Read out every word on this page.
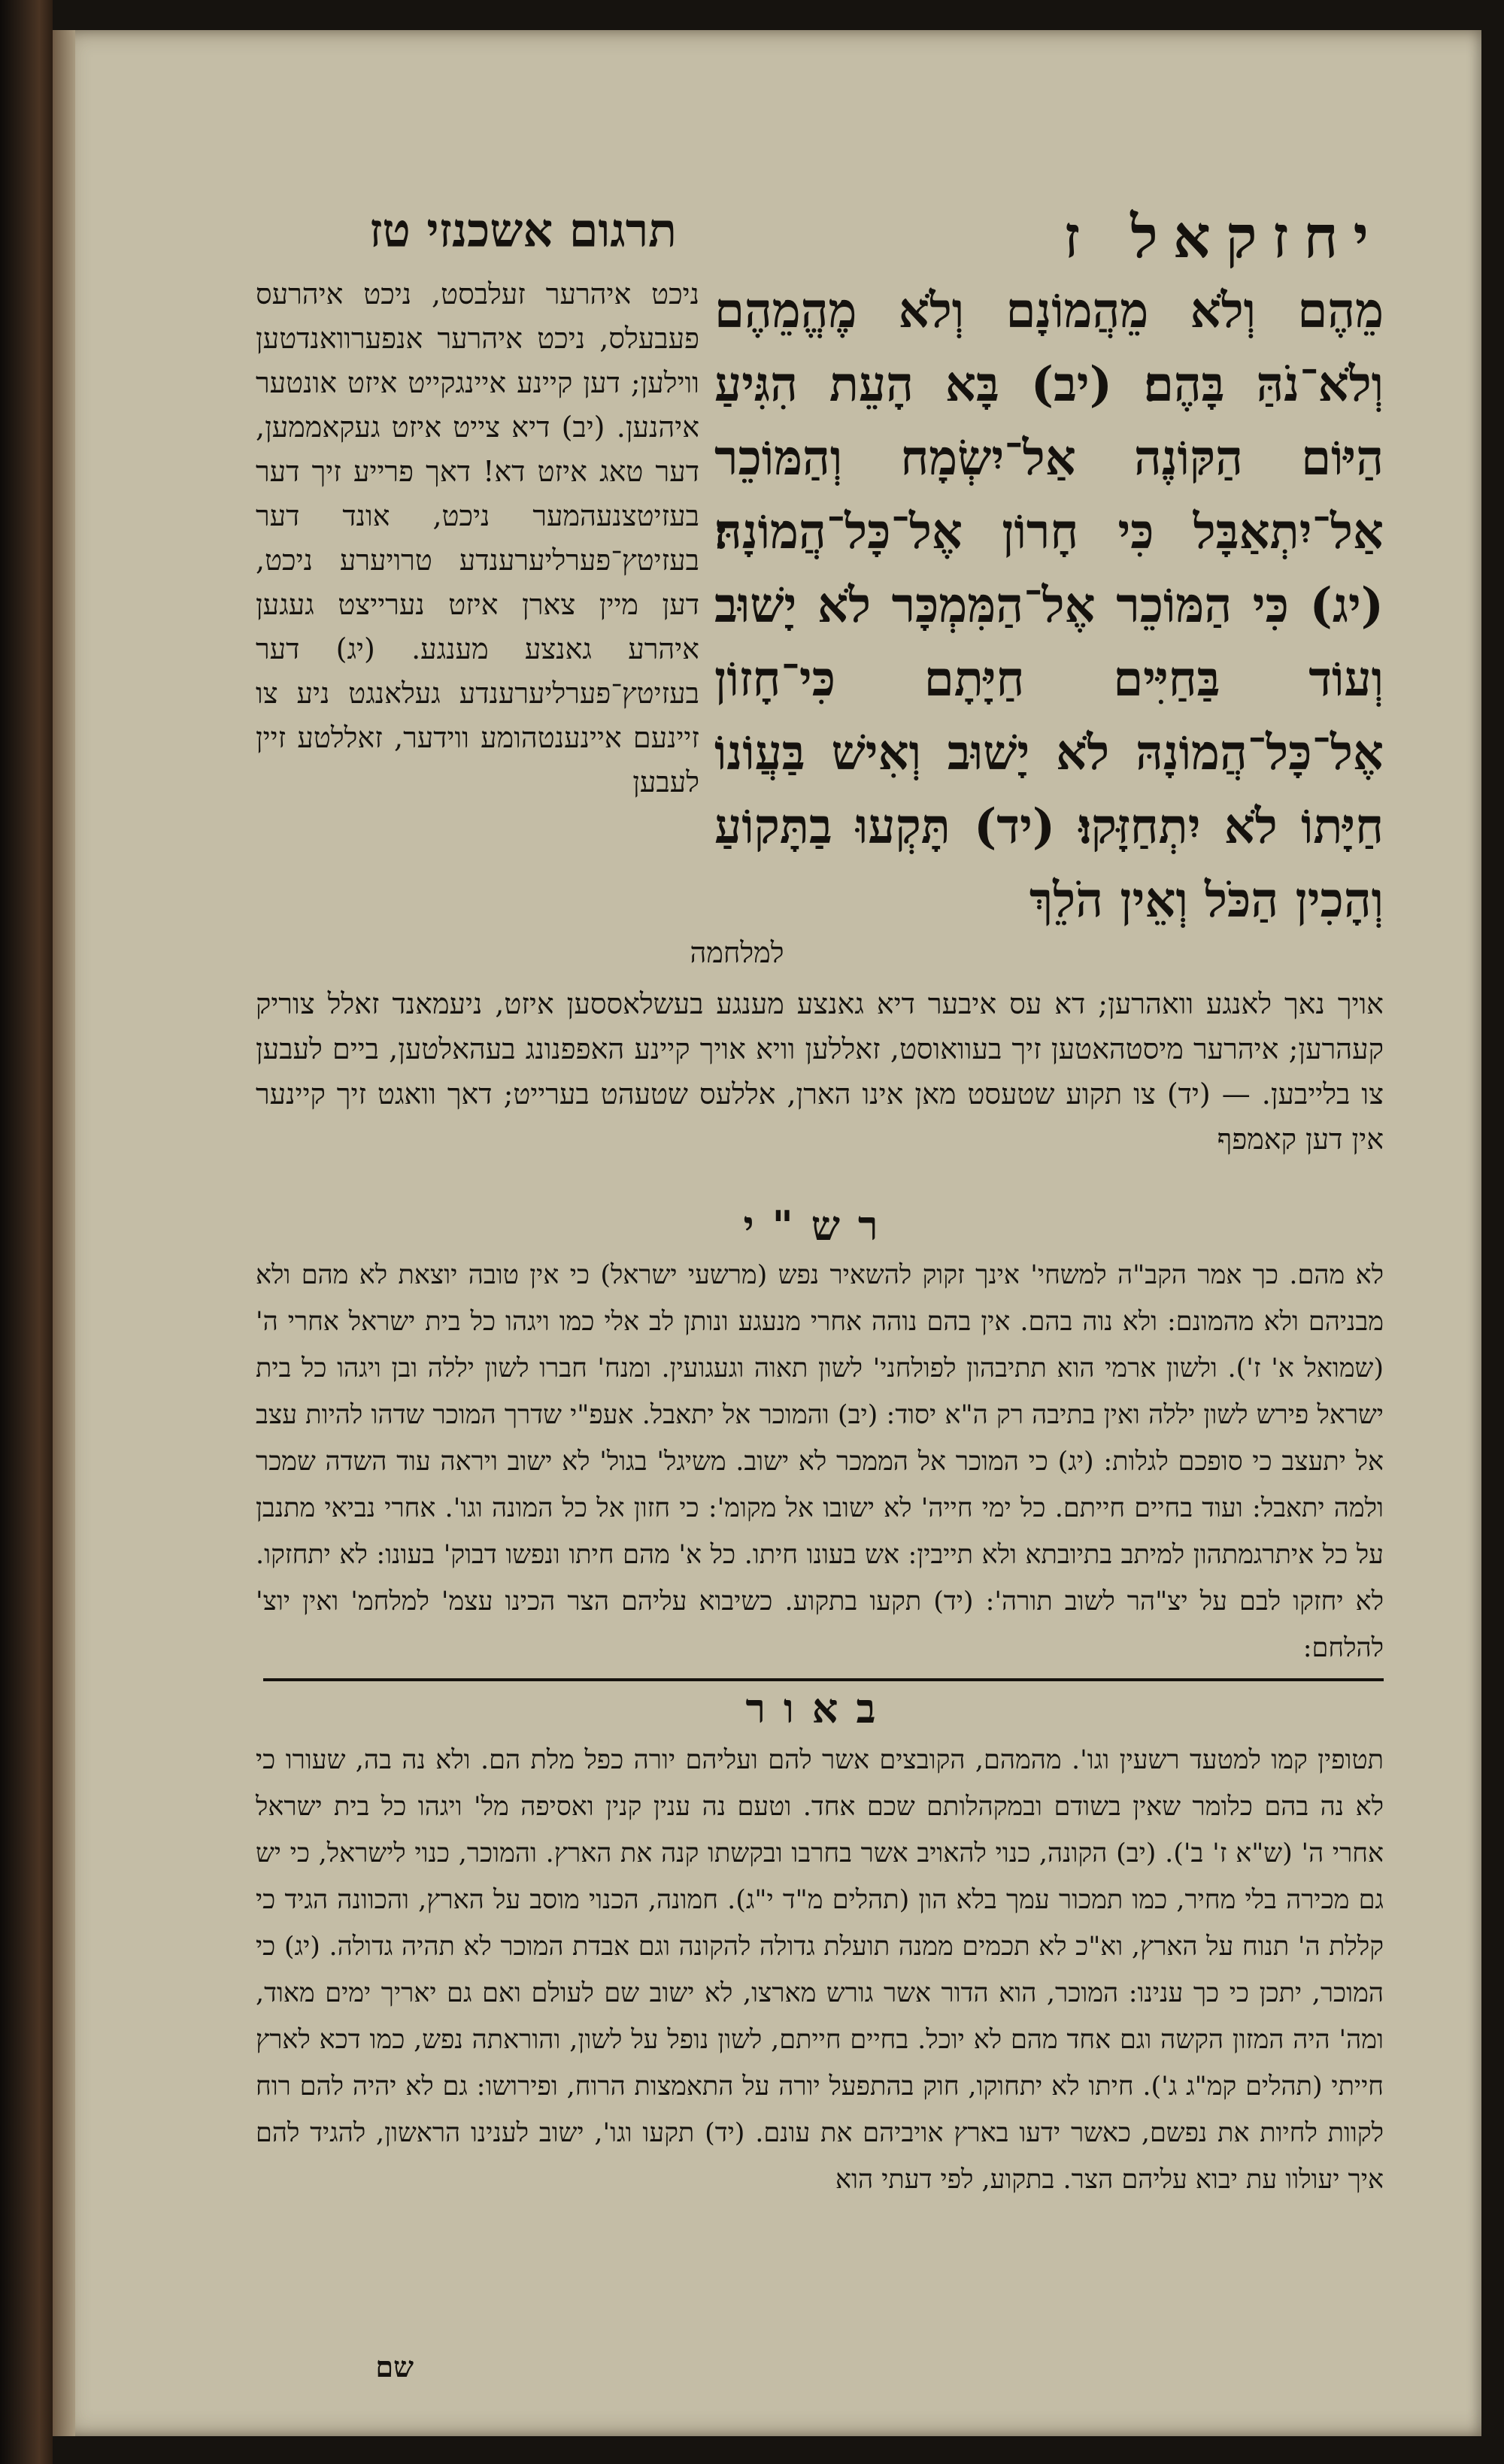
יחזקאל ז
תרגום אשכנזי טז

מֵהֶם וְלֹא מֵהֲמוֹנָם וְלֹא מֶהֱמֵהֶם וְלֹא־נֹהַּ בָּהֶם׃ (יב) בָּא הָעֵת הִגִּיעַ הַיּוֹם הַקּוֹנֶה אַל־יִשְׂמָח וְהַמּוֹכֵר אַל־יִתְאַבָּל כִּי חָרוֹן אֶל־כָּל־הֲמוֹנָהּ׃ (יג) כִּי הַמּוֹכֵר אֶל־הַמִּמְכָּר לֹא יָשׁוּב וְעוֹד בַּחַיִּים חַיָּתָם כִּי־חָזוֹן אֶל־כָּל־הֲמוֹנָהּ לֹא יָשׁוּב וְאִישׁ בַּעֲוֹנוֹ חַיָּתוֹ לֹא יִתְחַזָּקוּ׃ (יד) תָּקְעוּ בַתָּקוֹעַ וְהָכִין הַכֹּל וְאֵין הֹלֵךְ

למלחמה

ניכט איהרער זעלבסט, ניכט איהרעס פעבעלס, ניכט איהרער אנפערוואנדטען ווילען; דען קיינע איינגקייט איזט אונטער איהנען. (יב) דיא צייט איזט געקאממען, דער טאג איזט דא! דאך פרייע זיך דער בעזיטצנעהמער ניכט, אונד דער בעזיטץ־פערליערענדע טרויערע ניכט, דען מיין צארן איזט נערייצט געגען איהרע גאנצע מענגע. (יג) דער בעזיטץ־פערליערענדע געלאנגט ניע צו זיינעם איינענטהומע ווידער, זאללטע זיין לעבען

אויך נאך לאנגע וואהרען; דא עס איבער דיא גאנצע מענגע בעשלאססען איזט, ניעמאנד זאלל צוריק קעהרען; איהרער מיסטהאטען זיך בעוואוסט, זאללען וויא אויך קיינע האפפנונג בעהאלטען, ביים לעבען צו בלייבען. — (יד) צו תקוע שטעסט מאן אינו הארן, אללעס שטעהט בערייט; דאך וואגט זיך קיינער אין דען קאמפף

רש"י

לא מהם. כך אמר הקב"ה למשחי' אינך זקוק להשאיר נפש (מרשעי ישראל) כי אין טובה יוצאת לא מהם ולא מבניהם ולא מהמונם: ולא נוה בהם. אין בהם נוהה אחרי מנעגע ונותן לב אלי כמו ויגהו כל בית ישראל אחרי ה' (שמואל א' ז'). ולשון ארמי הוא תתיבהון לפולחני' לשון תאוה וגעגועין. ומנח' חברו לשון יללה ובן ויגהו כל בית ישראל פירש לשון יללה ואין בתיבה רק ה"א יסוד: (יב) והמוכר אל יתאבל. אעפ"י שדרך המוכר שדהו להיות עצב אל יתעצב כי סופכם לגלות: (יג) כי המוכר אל הממכר לא ישוב. משיגל' בגול' לא ישוב ויראה עוד השדה שמכר ולמה יתאבל: ועוד בחיים חייתם. כל ימי חייה' לא ישובו אל מקומ': כי חזון אל כל המונה וגו'. אחרי נביאי מתנבן על כל איתרגמתהון למיתב בתיובתא ולא תייבין: אש בעונו חיתו. כל א' מהם חיתו ונפשו דבוק' בעונו: לא יתחזקו. לא יחזקו לבם על יצ"הר לשוב תורה': (יד) תקעו בתקוע. כשיבוא עליהם הצר הכינו עצמ' למלחמ' ואין יוצ' להלחם:

באור

תטופין קמו למטעד רשעין וגו'. מהמהם, הקובצים אשר להם ועליהם יורה כפל מלת הם. ולא נה בה, שעורו כי לא נה בהם כלומר שאין בשודם ובמקהלותם שכם אחד. וטעם נה ענין קנין ואסיפה מל' ויגהו כל בית ישראל אחרי ה' (ש"א ז' ב'). (יב) הקונה, כנוי להאויב אשר בחרבו ובקשתו קנה את הארץ. והמוכר, כנוי לישראל, כי יש גם מכירה בלי מחיר, כמו תמכור עמך בלא הון (תהלים מ"ד י"ג). חמונה, הכנוי מוסב על הארץ, והכוונה הגיד כי קללת ה' תנוח על הארץ, וא"כ לא תכמים ממנה תועלת גדולה להקונה וגם אבדת המוכר לא תהיה גדולה. (יג) כי המוכר, יתכן כי כך ענינו: המוכר, הוא הדור אשר גורש מארצו, לא ישוב שם לעולם ואם גם יאריך ימים מאוד, ומה' היה המזון הקשה וגם אחד מהם לא יוכל. בחיים חייתם, לשון נופל על לשון, והוראתה נפש, כמו דכא לארץ חייתי (תהלים קמ"ג ג'). חיתו לא יתחוקו, חוק בהתפעל יורה על התאמצות הרוח, ופירושו: גם לא יהיה להם רוח לקוות לחיות את נפשם, כאשר ידעו בארץ אויביהם את עונם. (יד) תקעו וגו', ישוב לענינו הראשון, להגיד להם איך יעולוו עת יבוא עליהם הצר. בתקוע, לפי דעתי הוא

שם
